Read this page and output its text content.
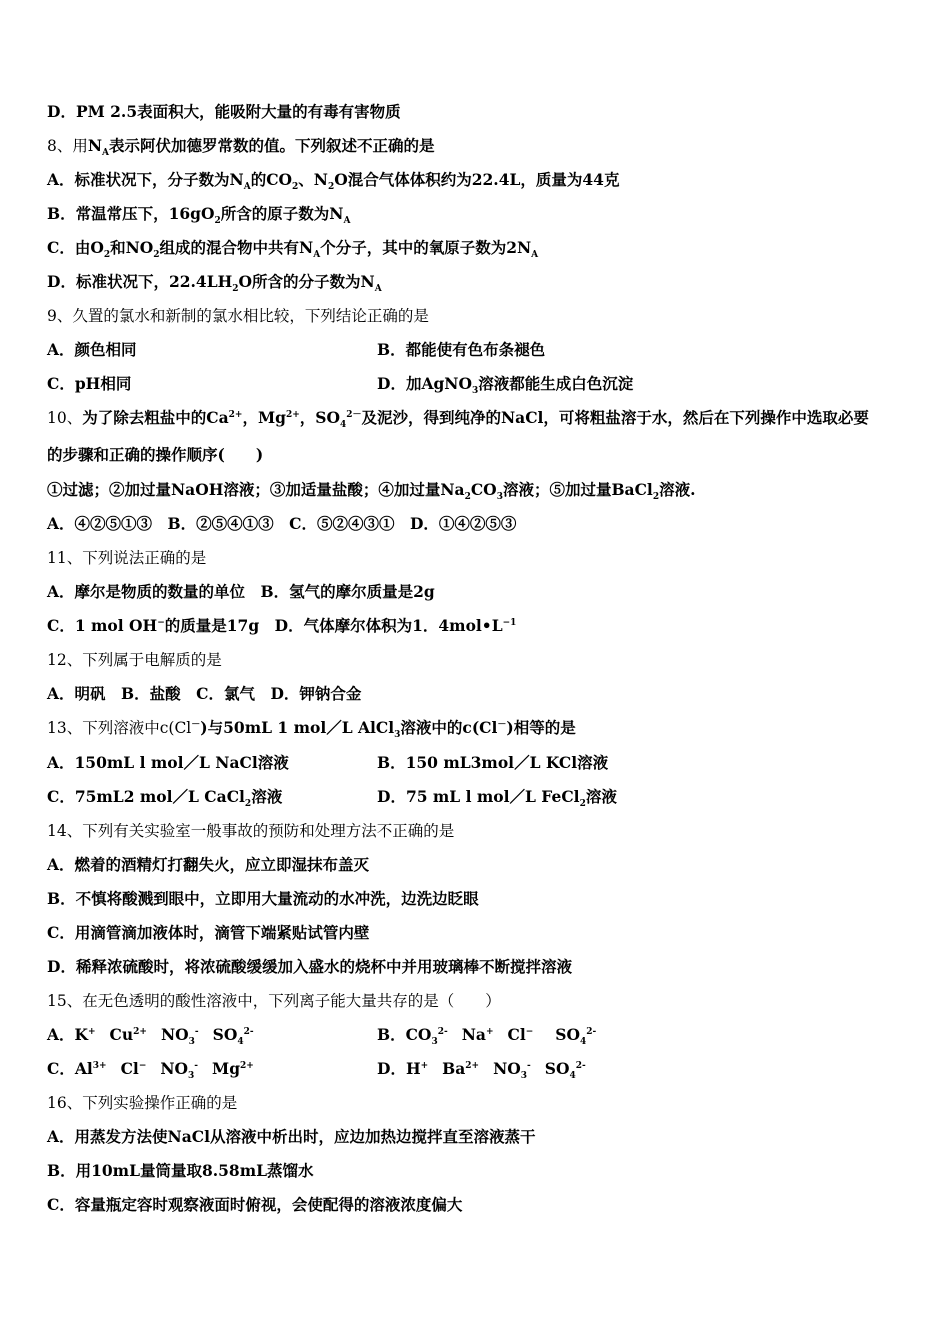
D．PM 2.5表面积大，能吸附大量的有毒有害物质
8、用$N_A$表示阿伏加德罗常数的值。下列叙述不正确的是
A．标准状况下，分子数为$N_A$的$CO_2$、$N_2O$混合气体体积约为22.4L，质量为44克
B．常温常压下，$16gO_2$所含的原子数为$N_A$
C．由$O_2$和$NO_2$组成的混合物中共有$N_A$个分子，其中的氧原子数为$2N_A$
D．标准状况下，$22.4LH_2O$所含的分子数为$N_A$
9、久置的氯水和新制的氯水相比较，下列结论正确的是
A．颜色相同	B．都能使有色布条褪色
C．pH相同	D．加AgNO$_3$溶液都能生成白色沉淀
10、为了除去粗盐中的$Ca^{2+}$，$Mg^{2+}$，$SO_4^{2-}$及泥沙，得到纯净的NaCl，可将粗盐溶于水，然后在下列操作中选取必要
的步骤和正确的操作顺序(　　)
①过滤；②加过量NaOH溶液；③加适量盐酸；④加过量$Na_2CO_3$溶液；⑤加过量BaCl$_2$溶液.
A．④②⑤①③　B．②⑤④①③　C．⑤②④③①　D．①④②⑤③
11、下列说法正确的是
A．摩尔是物质的数量的单位　B．氢气的摩尔质量是2g
C．1 mol OH−的质量是17g　D．气体摩尔体积为1．$4mol•L^{-1}$
12、下列属于电解质的是
A．明矾　B．盐酸　C．氯气　D．钾钠合金
13、下列溶液中c(Cl－)与50mL 1 mol／L AlCl$_3$溶液中的c(Cl－)相等的是
A．150mL l mol／L NaCl溶液	B．150 mL3mol／L KCl溶液
C．75mL2 mol／L CaCl$_2$溶液	D．75 mL l mol／L FeCl$_2$溶液
14、下列有关实验室一般事故的预防和处理方法不正确的是
A．燃着的酒精灯打翻失火，应立即湿抹布盖灭
B．不慎将酸溅到眼中，立即用大量流动的水冲洗，边洗边眨眼
C．用滴管滴加液体时，滴管下端紧贴试管内壁
D．稀释浓硫酸时，将浓硫酸缓缓加入盛水的烧杯中并用玻璃棒不断搅拌溶液
15、在无色透明的酸性溶液中，下列离子能大量共存的是（　　）
A．K+ $Cu^{2+}$ $NO_3^-$ $SO_4^{2-}$	B．$CO_3^{2-}$ Na+ Cl− $SO_4^{2-}$
C．$Al^{3+}$ Cl− $NO_3^-$ $Mg^{2+}$	D．H+ $Ba^{2+}$ $NO_3^-$ $SO_4^{2-}$
16、下列实验操作正确的是
A．用蒸发方法使NaCl从溶液中析出时，应边加热边搅拌直至溶液蒸干
B．用10mL量筒量取8.58mL蒸馏水
C．容量瓶定容时观察液面时俯视，会使配得的溶液浓度偏大
